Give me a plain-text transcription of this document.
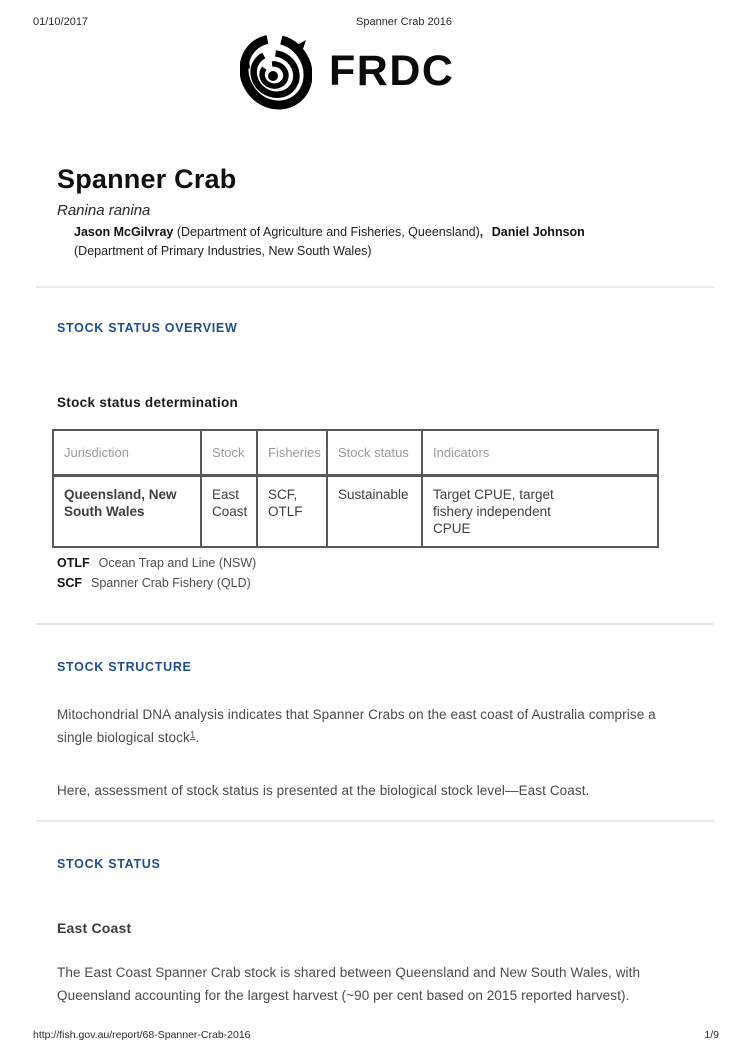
01/10/2017	Spanner Crab 2016
FRDC
Spanner Crab
Ranina ranina
Jason McGilvray (Department of Agriculture and Fisheries, Queensland), Daniel Johnson (Department of Primary Industries, New South Wales)
STOCK STATUS OVERVIEW
Stock status determination
Jurisdiction	Stock	Fisheries	Stock status	Indicators
Queensland, New South Wales	East Coast	SCF, OTLF	Sustainable	Target CPUE, target fishery independent CPUE
OTLF Ocean Trap and Line (NSW)
SCF Spanner Crab Fishery (QLD)
STOCK STRUCTURE
Mitochondrial DNA analysis indicates that Spanner Crabs on the east coast of Australia comprise a single biological stock$^1$.
Here, assessment of stock status is presented at the biological stock level—East Coast.
STOCK STATUS
East Coast
The East Coast Spanner Crab stock is shared between Queensland and New South Wales, with Queensland accounting for the largest harvest (~90 per cent based on 2015 reported harvest).
http://fish.gov.au/report/68-Spanner-Crab-2016	1/9
